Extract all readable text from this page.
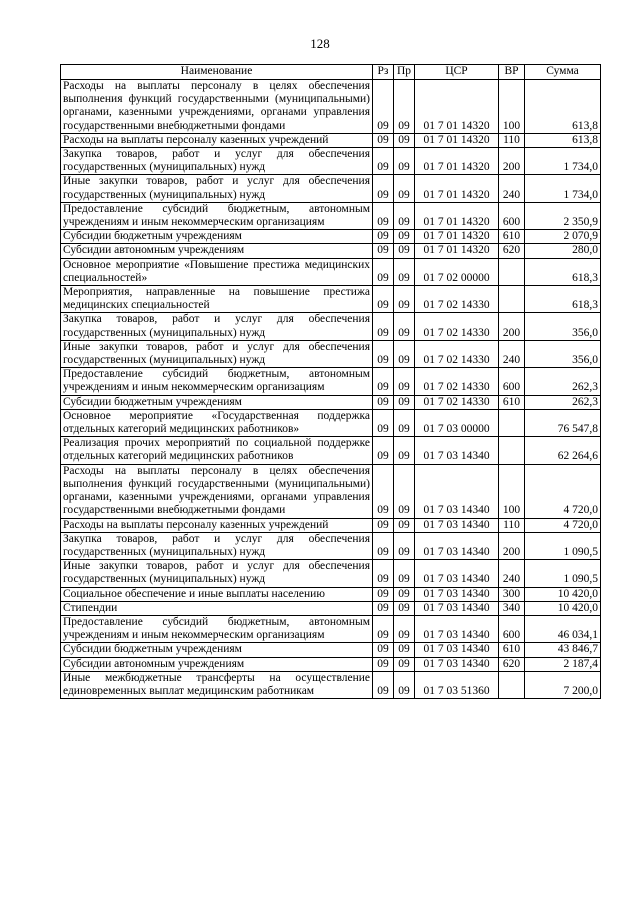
128
Наименование	Рз	Пр	ЦСР	ВР	Сумма
Расходы на выплаты персоналу в целях обеспечения выполнения функций государственными (муниципальными) органами, казенными учреждениями, органами управления государственными внебюджетными фондами	09	09	01 7 01 14320	100	613,8
Расходы на выплаты персоналу казенных учреждений	09	09	01 7 01 14320	110	613,8
Закупка товаров, работ и услуг для обеспечения государственных (муниципальных) нужд	09	09	01 7 01 14320	200	1 734,0
Иные закупки товаров, работ и услуг для обеспечения государственных (муниципальных) нужд	09	09	01 7 01 14320	240	1 734,0
Предоставление субсидий бюджетным, автономным учреждениям и иным некоммерческим организациям	09	09	01 7 01 14320	600	2 350,9
Субсидии бюджетным учреждениям	09	09	01 7 01 14320	610	2 070,9
Субсидии автономным учреждениям	09	09	01 7 01 14320	620	280,0
Основное мероприятие «Повышение престижа медицинских специальностей»	09	09	01 7 02 00000		618,3
Мероприятия, направленные на повышение престижа медицинских специальностей	09	09	01 7 02 14330		618,3
Закупка товаров, работ и услуг для обеспечения государственных (муниципальных) нужд	09	09	01 7 02 14330	200	356,0
Иные закупки товаров, работ и услуг для обеспечения государственных (муниципальных) нужд	09	09	01 7 02 14330	240	356,0
Предоставление субсидий бюджетным, автономным учреждениям и иным некоммерческим организациям	09	09	01 7 02 14330	600	262,3
Субсидии бюджетным учреждениям	09	09	01 7 02 14330	610	262,3
Основное мероприятие «Государственная поддержка отдельных категорий медицинских работников»	09	09	01 7 03 00000		76 547,8
Реализация прочих мероприятий по социальной поддержке отдельных категорий медицинских работников	09	09	01 7 03 14340		62 264,6
Расходы на выплаты персоналу в целях обеспечения выполнения функций государственными (муниципальными) органами, казенными учреждениями, органами управления государственными внебюджетными фондами	09	09	01 7 03 14340	100	4 720,0
Расходы на выплаты персоналу казенных учреждений	09	09	01 7 03 14340	110	4 720,0
Закупка товаров, работ и услуг для обеспечения государственных (муниципальных) нужд	09	09	01 7 03 14340	200	1 090,5
Иные закупки товаров, работ и услуг для обеспечения государственных (муниципальных) нужд	09	09	01 7 03 14340	240	1 090,5
Социальное обеспечение и иные выплаты населению	09	09	01 7 03 14340	300	10 420,0
Стипендии	09	09	01 7 03 14340	340	10 420,0
Предоставление субсидий бюджетным, автономным учреждениям и иным некоммерческим организациям	09	09	01 7 03 14340	600	46 034,1
Субсидии бюджетным учреждениям	09	09	01 7 03 14340	610	43 846,7
Субсидии автономным учреждениям	09	09	01 7 03 14340	620	2 187,4
Иные межбюджетные трансферты на осуществление единовременных выплат медицинским работникам	09	09	01 7 03 51360		7 200,0
